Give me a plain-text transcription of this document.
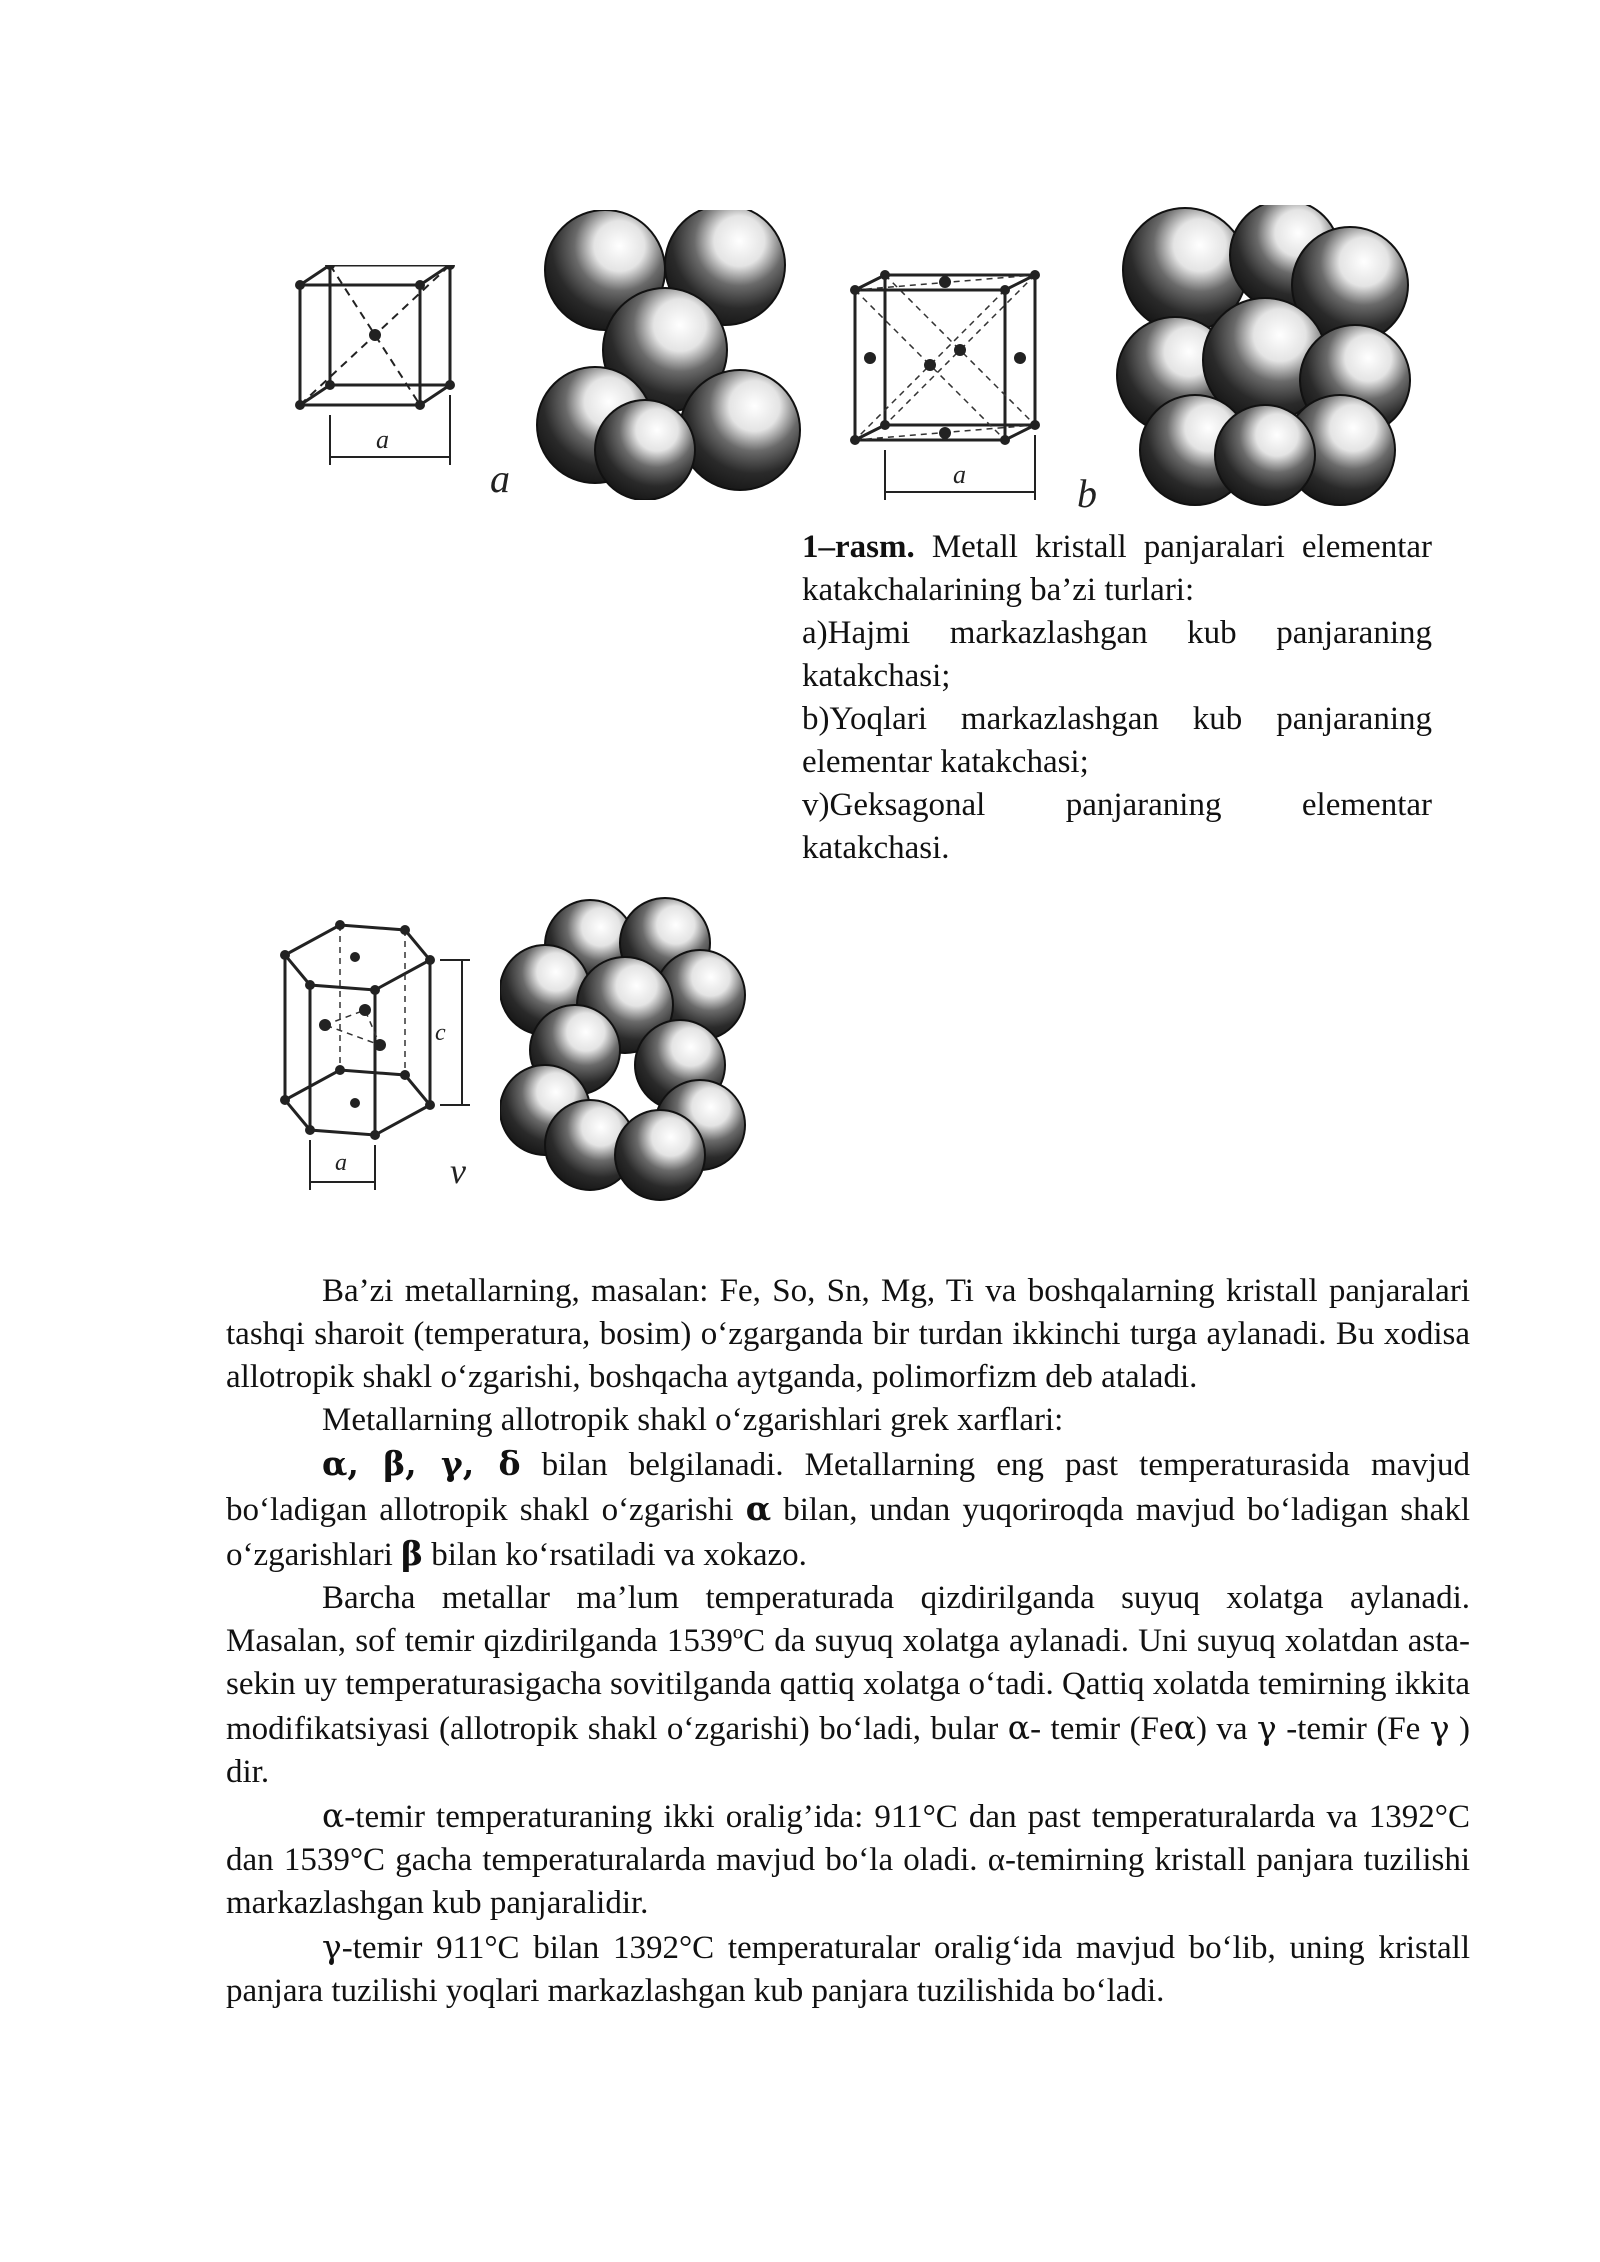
a
a	a	b
c
a	v

1–rasm. Metall kristall panjaralari elementar katakchalarining ba’zi turlari:

a)Hajmi markazlashgan kub panjaraning katakchasi;

b)Yoqlari markazlashgan kub panjaraning elementar katakchasi;

v)Geksagonal panjaraning elementar katakchasi.

Ba’zi metallarning, masalan: Fe, So, Sn, Mg, Ti va boshqalarning kristall panjaralari tashqi sharoit (temperatura, bosim) o‘zgarganda bir turdan ikkinchi turga aylanadi. Bu xodisa allotropik shakl o‘zgarishi, boshqacha aytganda, polimorfizm deb ataladi.

Metallarning allotropik shakl o‘zgarishlari grek xarflari:

α, β, γ, δ bilan belgilanadi. Metallarning eng past temperaturasida mavjud bo‘ladigan allotropik shakl o‘zgarishi α bilan, undan yuqoriroqda mavjud bo‘ladigan shakl o‘zgarishlari β bilan ko‘rsatiladi va xokazo.

Barcha metallar ma’lum temperaturada qizdirilganda suyuq xolatga aylanadi. Masalan, sof temir qizdirilganda 1539ºC da suyuq xolatga aylanadi. Uni suyuq xolatdan asta-sekin uy temperaturasigacha sovitilganda qattiq xolatga o‘tadi. Qattiq xolatda temirning ikkita modifikatsiyasi (allotropik shakl o‘zgarishi) bo‘ladi, bular α- temir (Feα) va γ -temir (Fe γ ) dir.

α-temir temperaturaning ikki oralig’ida: 911°C dan past temperaturalarda va 1392°C dan 1539°C gacha temperaturalarda mavjud bo‘la oladi. α-temirning kristall panjara tuzilishi markazlashgan kub panjaralidir.

γ-temir 911°C bilan 1392°C temperaturalar oralig‘ida mavjud bo‘lib, uning kristall panjara tuzilishi yoqlari markazlashgan kub panjara tuzilishida bo‘ladi.
